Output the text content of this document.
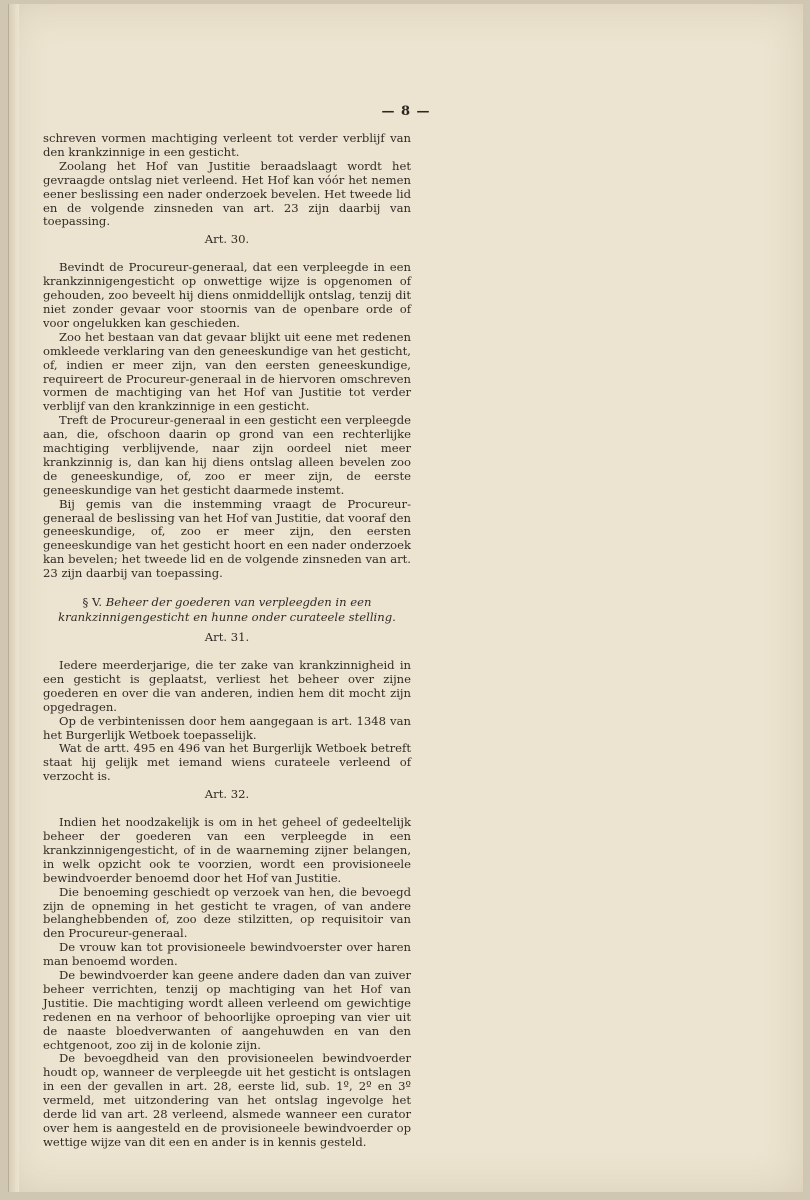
— 8 —

schreven vormen machtiging verleent tot verder verblijf van den krankzinnige in een gesticht.

Zoolang het Hof van Justitie beraadslaagt wordt het gevraagde ontslag niet verleend. Het Hof kan vóór het nemen eener beslissing een nader onderzoek bevelen. Het tweede lid en de volgende zinsneden van art. 23 zijn daarbij van toepassing.

Art. 30.

Bevindt de Procureur-generaal, dat een verpleegde in een krankzinnigengesticht op onwettige wijze is opgenomen of gehouden, zoo beveelt hij diens onmiddellijk ontslag, tenzij dit niet zonder gevaar voor stoornis van de openbare orde of voor ongelukken kan geschieden.

Zoo het bestaan van dat gevaar blijkt uit eene met redenen omkleede verklaring van den geneeskundige van het gesticht, of, indien er meer zijn, van den eersten geneeskundige, requireert de Procureur-generaal in de hiervoren omschreven vormen de machtiging van het Hof van Justitie tot verder verblijf van den krankzinnige in een gesticht.

Treft de Procureur-generaal in een gesticht een verpleegde aan, die, ofschoon daarin op grond van een rechterlijke machtiging verblijvende, naar zijn oordeel niet meer krankzinnig is, dan kan hij diens ontslag alleen bevelen zoo de geneeskundige, of, zoo er meer zijn, de eerste geneeskundige van het gesticht daarmede instemt.

Bij gemis van die instemming vraagt de Procureur-generaal de beslissing van het Hof van Justitie, dat vooraf den geneeskundige, of, zoo er meer zijn, den eersten geneeskundige van het gesticht hoort en een nader onderzoek kan bevelen; het tweede lid en de volgende zinsneden van art. 23 zijn daarbij van toepassing.

§ V. Beheer der goederen van verpleegden in een krankzinnigengesticht en hunne onder curateele stelling.
Art. 31.

Iedere meerderjarige, die ter zake van krankzinnigheid in een gesticht is geplaatst, verliest het beheer over zijne goederen en over die van anderen, indien hem dit mocht zijn opgedragen.

Op de verbintenissen door hem aangegaan is art. 1348 van het Burgerlijk Wetboek toepasselijk.

Wat de artt. 495 en 496 van het Burgerlijk Wetboek betreft staat hij gelijk met iemand wiens curateele verleend of verzocht is.

Art. 32.

Indien het noodzakelijk is om in het geheel of gedeeltelijk beheer der goederen van een verpleegde in een krankzinnigengesticht, of in de waarneming zijner belangen, in welk opzicht ook te voorzien, wordt een provisioneele bewindvoerder benoemd door het Hof van Justitie.

Die benoeming geschiedt op verzoek van hen, die bevoegd zijn de opneming in het gesticht te vragen, of van andere belanghebbenden of, zoo deze stilzitten, op requisitoir van den Procureur-generaal.

De vrouw kan tot provisioneele bewindvoerster over haren man benoemd worden.

De bewindvoerder kan geene andere daden dan van zuiver beheer verrichten, tenzij op machtiging van het Hof van Justitie. Die machtiging wordt alleen verleend om gewichtige redenen en na verhoor of behoorlijke oproeping van vier uit de naaste bloedverwanten of aangehuwden en van den echtgenoot, zoo zij in de kolonie zijn.

De bevoegdheid van den provisioneelen bewindvoerder houdt op, wanneer de verpleegde uit het gesticht is ontslagen in een der gevallen in art. 28, eerste lid, sub. 1º, 2º en 3º vermeld, met uitzondering van het ontslag ingevolge het derde lid van art. 28 verleend, alsmede wanneer een curator over hem is aangesteld en de provisioneele bewindvoerder op wettige wijze van dit een en ander is in kennis gesteld.
